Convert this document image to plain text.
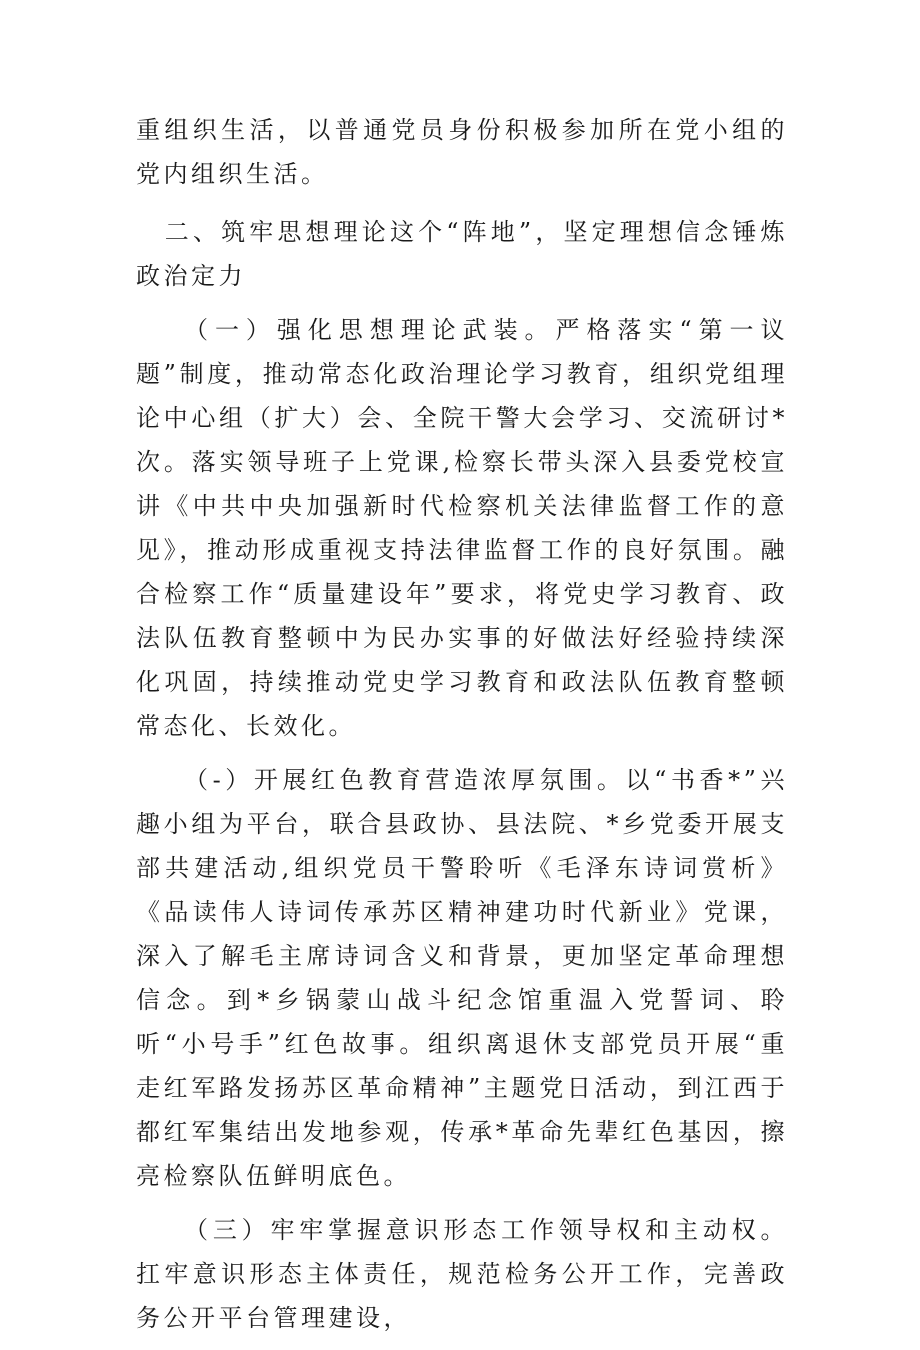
重组织生活，以普通党员身份积极参加所在党小组的党内组织生活。

二、筑牢思想理论这个“阵地”，坚定理想信念锤炼政治定力

（一）强化思想理论武装。严格落实“第一议题”制度，推动常态化政治理论学习教育，组织党组理论中心组（扩大）会、全院干警大会学习、交流研讨*次。落实领导班子上党课,检察长带头深入县委党校宣讲《中共中央加强新时代检察机关法律监督工作的意见》，推动形成重视支持法律监督工作的良好氛围。融合检察工作“质量建设年”要求，将党史学习教育、政法队伍教育整顿中为民办实事的好做法好经验持续深化巩固，持续推动党史学习教育和政法队伍教育整顿常态化、长效化。

（-）开展红色教育营造浓厚氛围。以“书香*”兴趣小组为平台，联合县政协、县法院、*乡党委开展支部共建活动,组织党员干警聆听《毛泽东诗词赏析》《品读伟人诗词传承苏区精神建功时代新业》党课，深入了解毛主席诗词含义和背景，更加坚定革命理想信念。到*乡锅蒙山战斗纪念馆重温入党誓词、聆听“小号手”红色故事。组织离退休支部党员开展“重走红军路发扬苏区革命精神”主题党日活动，到江西于都红军集结出发地参观，传承*革命先辈红色基因，擦亮检察队伍鲜明底色。

（三）牢牢掌握意识形态工作领导权和主动权。扛牢意识形态主体责任，规范检务公开工作，完善政务公开平台管理建设，
